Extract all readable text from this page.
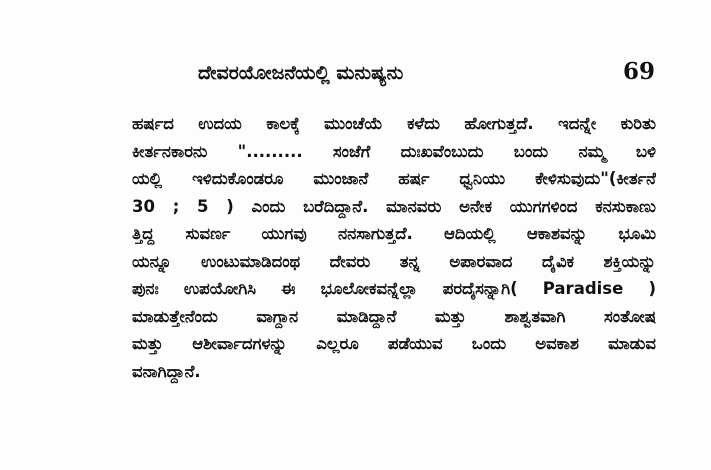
ದೇವರಯೋಜನೆಯಲ್ಲಿ ಮನುಷ್ಯನು	69
ಹರ್ಷದ ಉದಯ ಕಾಲಕ್ಕೆ ಮುಂಚೆಯೆ ಕಳೆದು ಹೋಗುತ್ತದೆ. ಇದನ್ನೇ ಕುರಿತು
ಕೀರ್ತನಕಾರನು "......... ಸಂಜೆಗೆ ದುಃಖವೆಂಬುದು ಬಂದು ನಮ್ಮ ಬಳಿ
ಯಲ್ಲಿ ಇಳಿದುಕೊಂಡರೂ ಮುಂಜಾನೆ ಹರ್ಷ ಧ್ವನಿಯು ಕೇಳಿಸುವುದು"(ಕೀರ್ತನೆ
30 ; 5 ) ಎಂದು ಬರೆದಿದ್ದಾನೆ. ಮಾನವರು ಅನೇಕ ಯುಗಗಳಿಂದ ಕನಸುಕಾಣು
ತ್ತಿದ್ದ ಸುವರ್ಣ ಯುಗವು ನನಸಾಗುತ್ತದೆ. ಆದಿಯಲ್ಲಿ ಆಕಾಶವನ್ನು ಭೂಮಿ
ಯನ್ನೂ ಉಂಟುಮಾಡಿದಂಥ ದೇವರು ತನ್ನ ಅಪಾರವಾದ ದೈವಿಕ ಶಕ್ತಿಯನ್ನು
ಪುನಃ ಉಪಯೋಗಿಸಿ ಈ ಭೂಲೋಕವನ್ನೆಲ್ಲಾ ಪರದೈಸನ್ನಾಗಿ( Paradise )
ಮಾಡುತ್ತೇನೆಂದು ವಾಗ್ದಾನ ಮಾಡಿದ್ದಾನೆ ಮತ್ತು ಶಾಶ್ವತವಾಗಿ ಸಂತೋಷ
ಮತ್ತು ಆಶೀರ್ವಾದಗಳನ್ನು ಎಲ್ಲರೂ ಪಡೆಯುವ ಒಂದು ಅವಕಾಶ ಮಾಡುವ
ವನಾಗಿದ್ದಾನೆ.
